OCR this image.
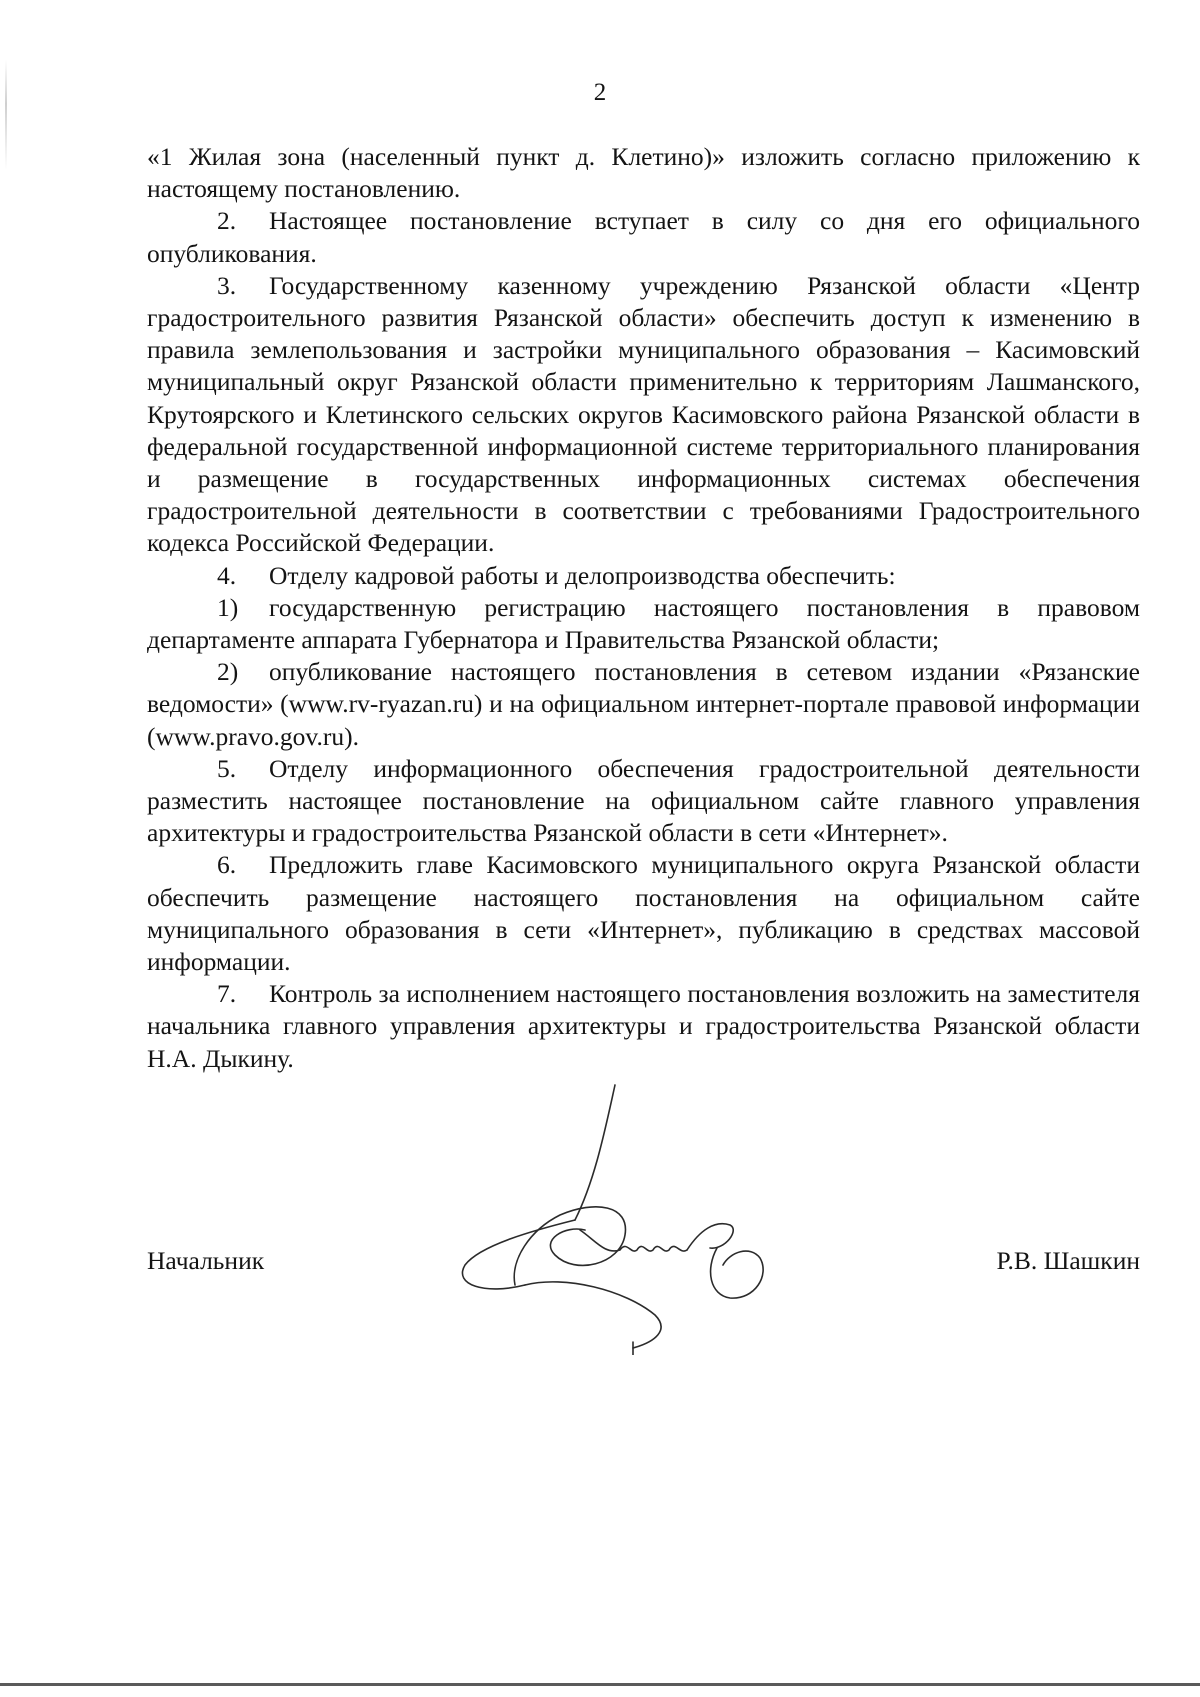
2

«1 Жилая зона (населенный пункт д. Клетино)» изложить согласно приложению к настоящему постановлению.

2. Настоящее постановление вступает в силу со дня его официального опубликования.

3. Государственному казенному учреждению Рязанской области «Центр градостроительного развития Рязанской области» обеспечить доступ к изменению в правила землепользования и застройки муниципального образования – Касимовский муниципальный округ Рязанской области применительно к территориям Лашманского, Крутоярского и Клетинского сельских округов Касимовского района Рязанской области в федеральной государственной информационной системе территориального планирования и размещение в государственных информационных системах обеспечения градостроительной деятельности в соответствии с требованиями Градостроительного кодекса Российской Федерации.

4. Отделу кадровой работы и делопроизводства обеспечить:

1) государственную регистрацию настоящего постановления в правовом департаменте аппарата Губернатора и Правительства Рязанской области;

2) опубликование настоящего постановления в сетевом издании «Рязанские ведомости» (www.rv-ryazan.ru) и на официальном интернет-портале правовой информации (www.pravo.gov.ru).

5. Отделу информационного обеспечения градостроительной деятельности разместить настоящее постановление на официальном сайте главного управления архитектуры и градостроительства Рязанской области в сети «Интернет».

6. Предложить главе Касимовского муниципального округа Рязанской области обеспечить размещение настоящего постановления на официальном сайте муниципального образования в сети «Интернет», публикацию в средствах массовой информации.

7. Контроль за исполнением настоящего постановления возложить на заместителя начальника главного управления архитектуры и градостроительства Рязанской области Н.А. Дыкину.

Начальник	Р.В. Шашкин
